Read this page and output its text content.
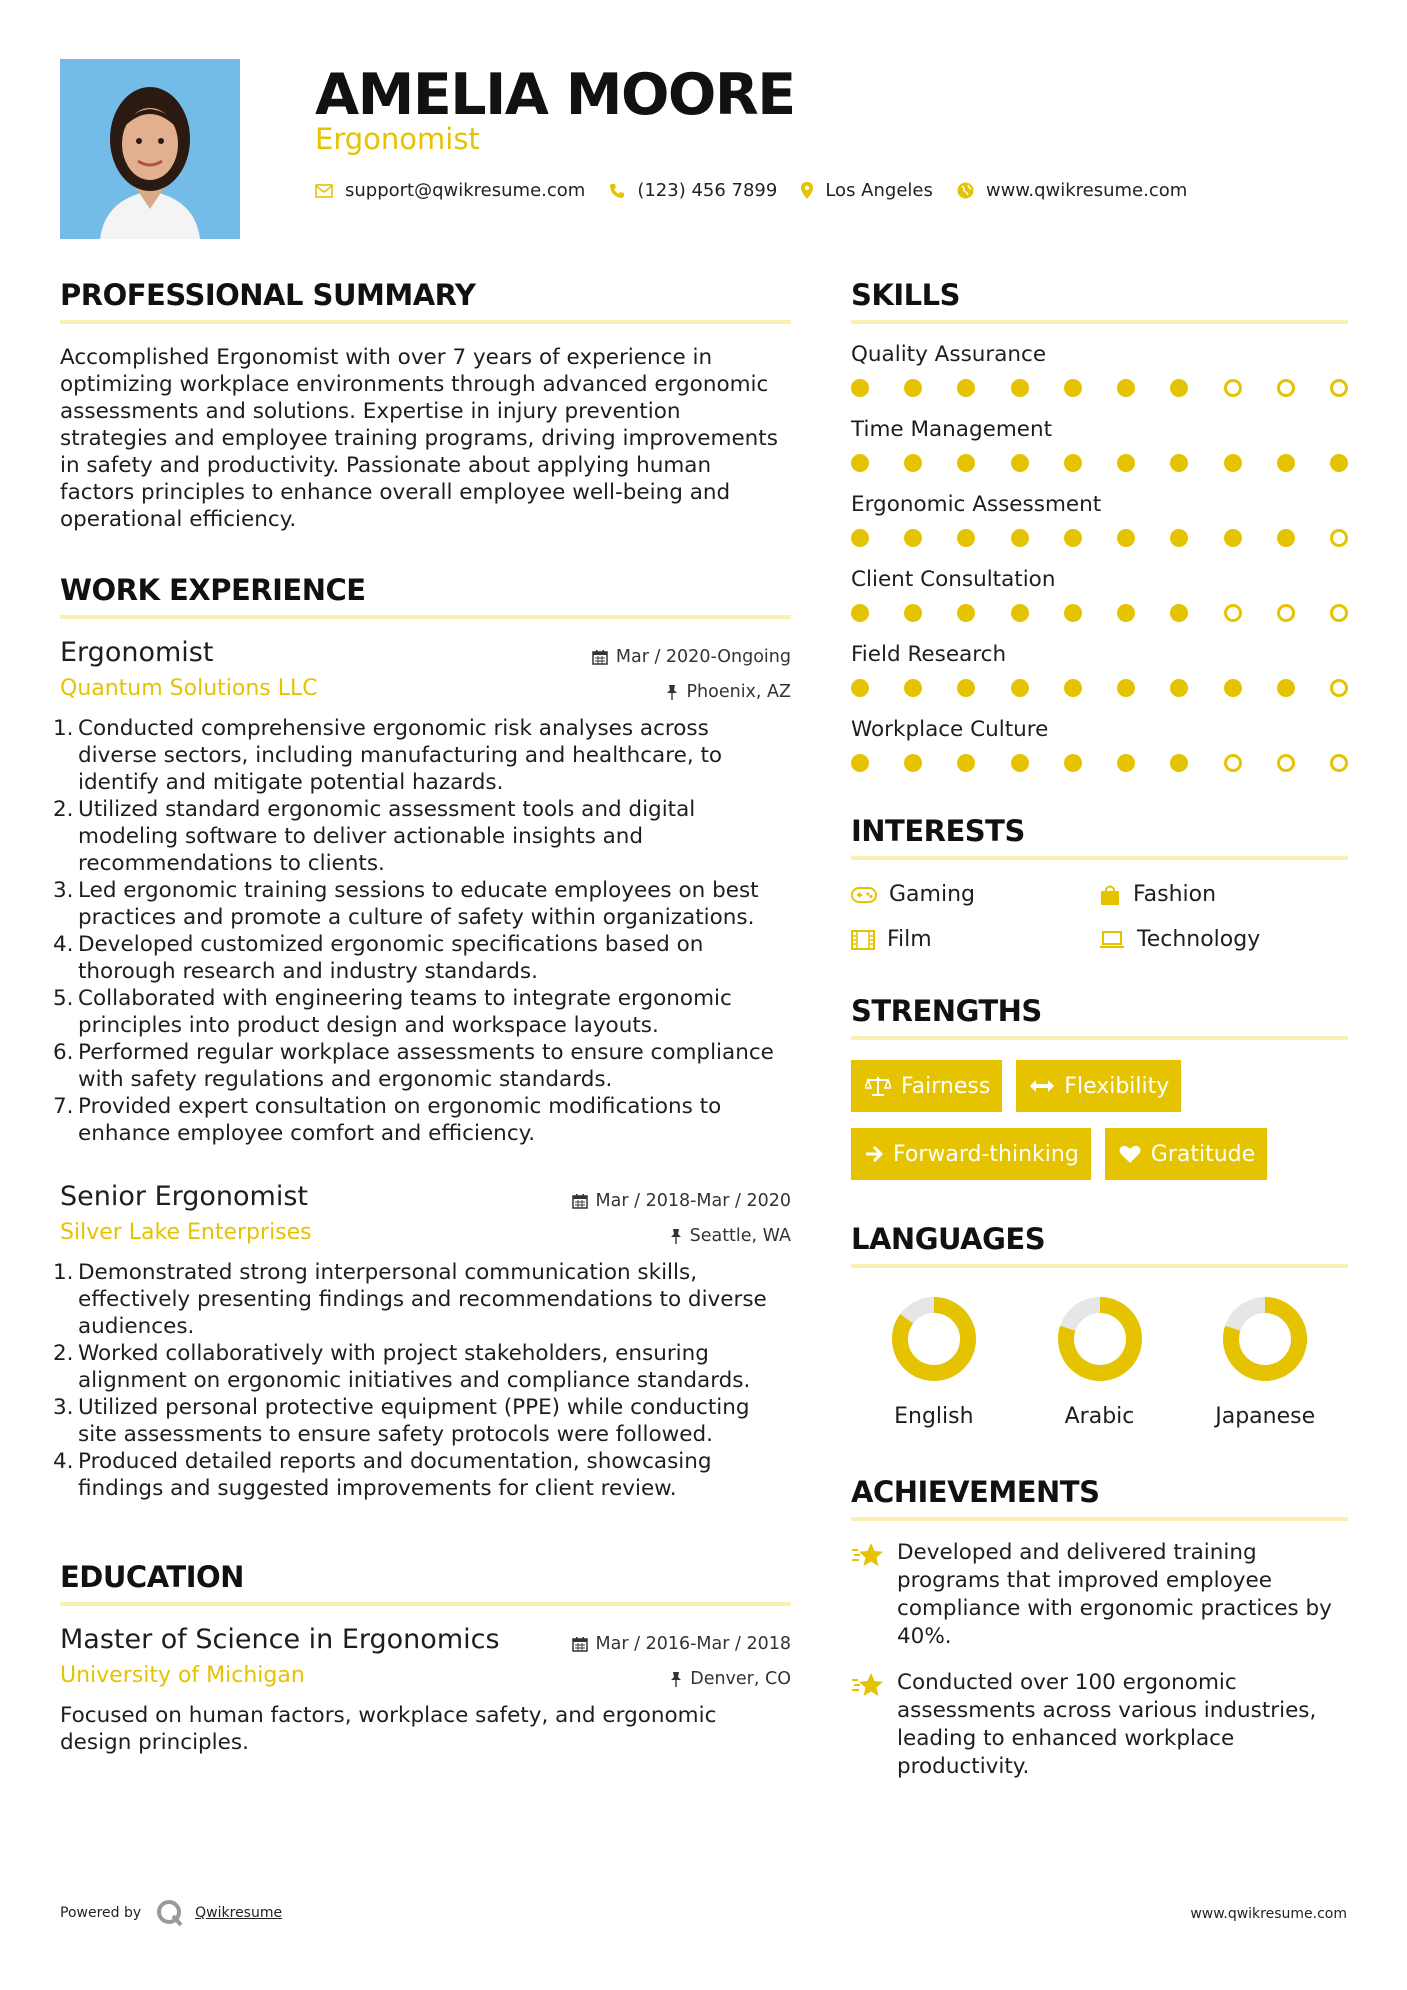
AMELIA MOORE
Ergonomist
support@qwikresume.com	(123) 456 7899	Los Angeles	www.qwikresume.com
PROFESSIONAL SUMMARY

Accomplished Ergonomist with over 7 years of experience in optimizing workplace environments through advanced ergonomic assessments and solutions. Expertise in injury prevention strategies and employee training programs, driving improvements in safety and productivity. Passionate about applying human factors principles to enhance overall employee well-being and operational efficiency.

WORK EXPERIENCE
Ergonomist
Quantum Solutions LLC
Mar / 2020-Ongoing
Phoenix, AZ
1. Conducted comprehensive ergonomic risk analyses across diverse sectors, including manufacturing and healthcare, to identify and mitigate potential hazards.
2. Utilized standard ergonomic assessment tools and digital modeling software to deliver actionable insights and recommendations to clients.
3. Led ergonomic training sessions to educate employees on best practices and promote a culture of safety within organizations.
4. Developed customized ergonomic specifications based on thorough research and industry standards.
5. Collaborated with engineering teams to integrate ergonomic principles into product design and workspace layouts.
6. Performed regular workplace assessments to ensure compliance with safety regulations and ergonomic standards.
7. Provided expert consultation on ergonomic modifications to enhance employee comfort and efficiency.
Senior Ergonomist
Silver Lake Enterprises
Mar / 2018-Mar / 2020
Seattle, WA
1. Demonstrated strong interpersonal communication skills, effectively presenting findings and recommendations to diverse audiences.
2. Worked collaboratively with project stakeholders, ensuring alignment on ergonomic initiatives and compliance standards.
3. Utilized personal protective equipment (PPE) while conducting site assessments to ensure safety protocols were followed.
4. Produced detailed reports and documentation, showcasing findings and suggested improvements for client review.
EDUCATION
Master of Science in Ergonomics
University of Michigan
Mar / 2016-Mar / 2018
Denver, CO

Focused on human factors, workplace safety, and ergonomic design principles.

SKILLS
Quality Assurance
Time Management
Ergonomic Assessment
Client Consultation
Field Research
Workplace Culture
INTERESTS
Gaming	Fashion
Film	Technology
STRENGTHS
Fairness	Flexibility
Forward-thinking	Gratitude
LANGUAGES
English	Arabic	Japanese
ACHIEVEMENTS
Developed and delivered training programs that improved employee compliance with ergonomic practices by 40%.
Conducted over 100 ergonomic assessments across various industries, leading to enhanced workplace productivity.
Powered by	Qwikresume	www.qwikresume.com
